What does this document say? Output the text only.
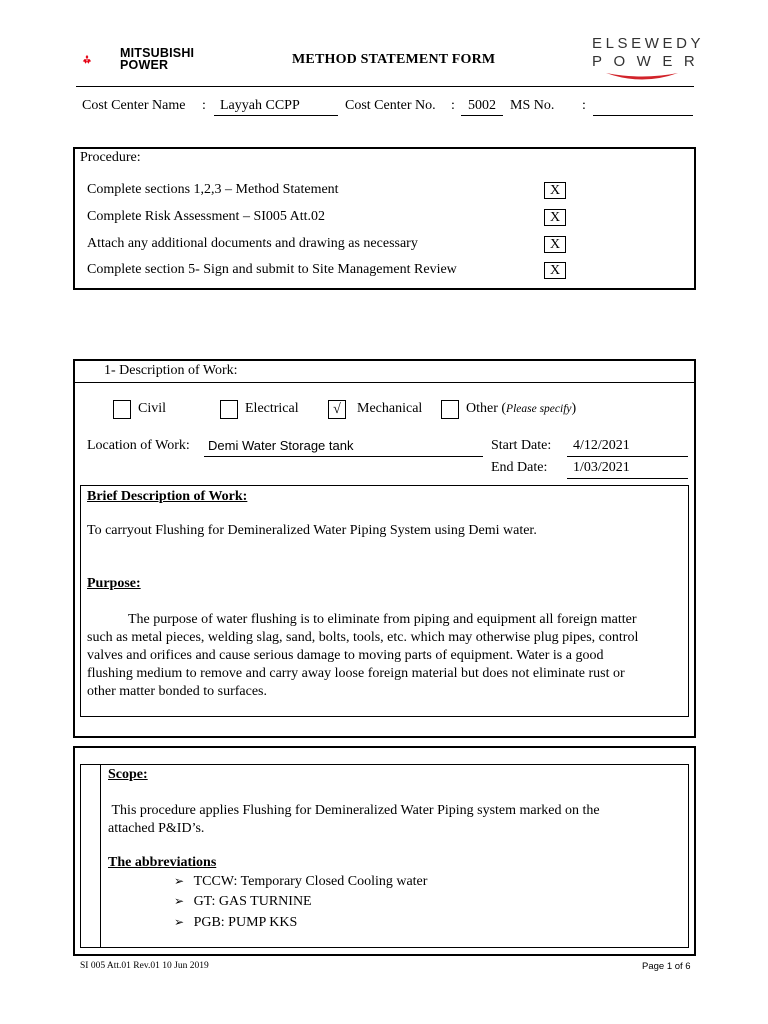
MITSUBISHI
POWER	METHOD STATEMENT FORM
ELSEWEDY
POWER
Cost Center Name :	Layyah CCPP	Cost Center No. : 5002	MS No. :
Procedure:
Complete sections 1,2,3 – Method Statement	X
Complete Risk Assessment – SI005 Att.02	X
Attach any additional documents and drawing as necessary	X
Complete section 5- Sign and submit to Site Management Review	X
1- Description of Work:
Civil	Electrical	√	Mechanical	Other (Please specify)
Location of Work:	Demi Water Storage tank	Start Date:	4/12/2021
End Date:	1/03/2021
Brief Description of Work:
To carryout Flushing for Demineralized Water Piping System using Demi water.
Purpose:
The purpose of water flushing is to eliminate from piping and equipment all foreign matter
such as metal pieces, welding slag, sand, bolts, tools, etc. which may otherwise plug pipes, control
valves and orifices and cause serious damage to moving parts of equipment. Water is a good
flushing medium to remove and carry away loose foreign material but does not eliminate rust or
other matter bonded to surfaces.
Scope:
This procedure applies Flushing for Demineralized Water Piping system marked on the
attached P&ID’s.
The abbreviations
➢ TCCW: Temporary Closed Cooling water
➢ GT: GAS TURNINE
➢ PGB: PUMP KKS
SI 005 Att.01 Rev.01 10 Jun 2019	Page 1 of 6
